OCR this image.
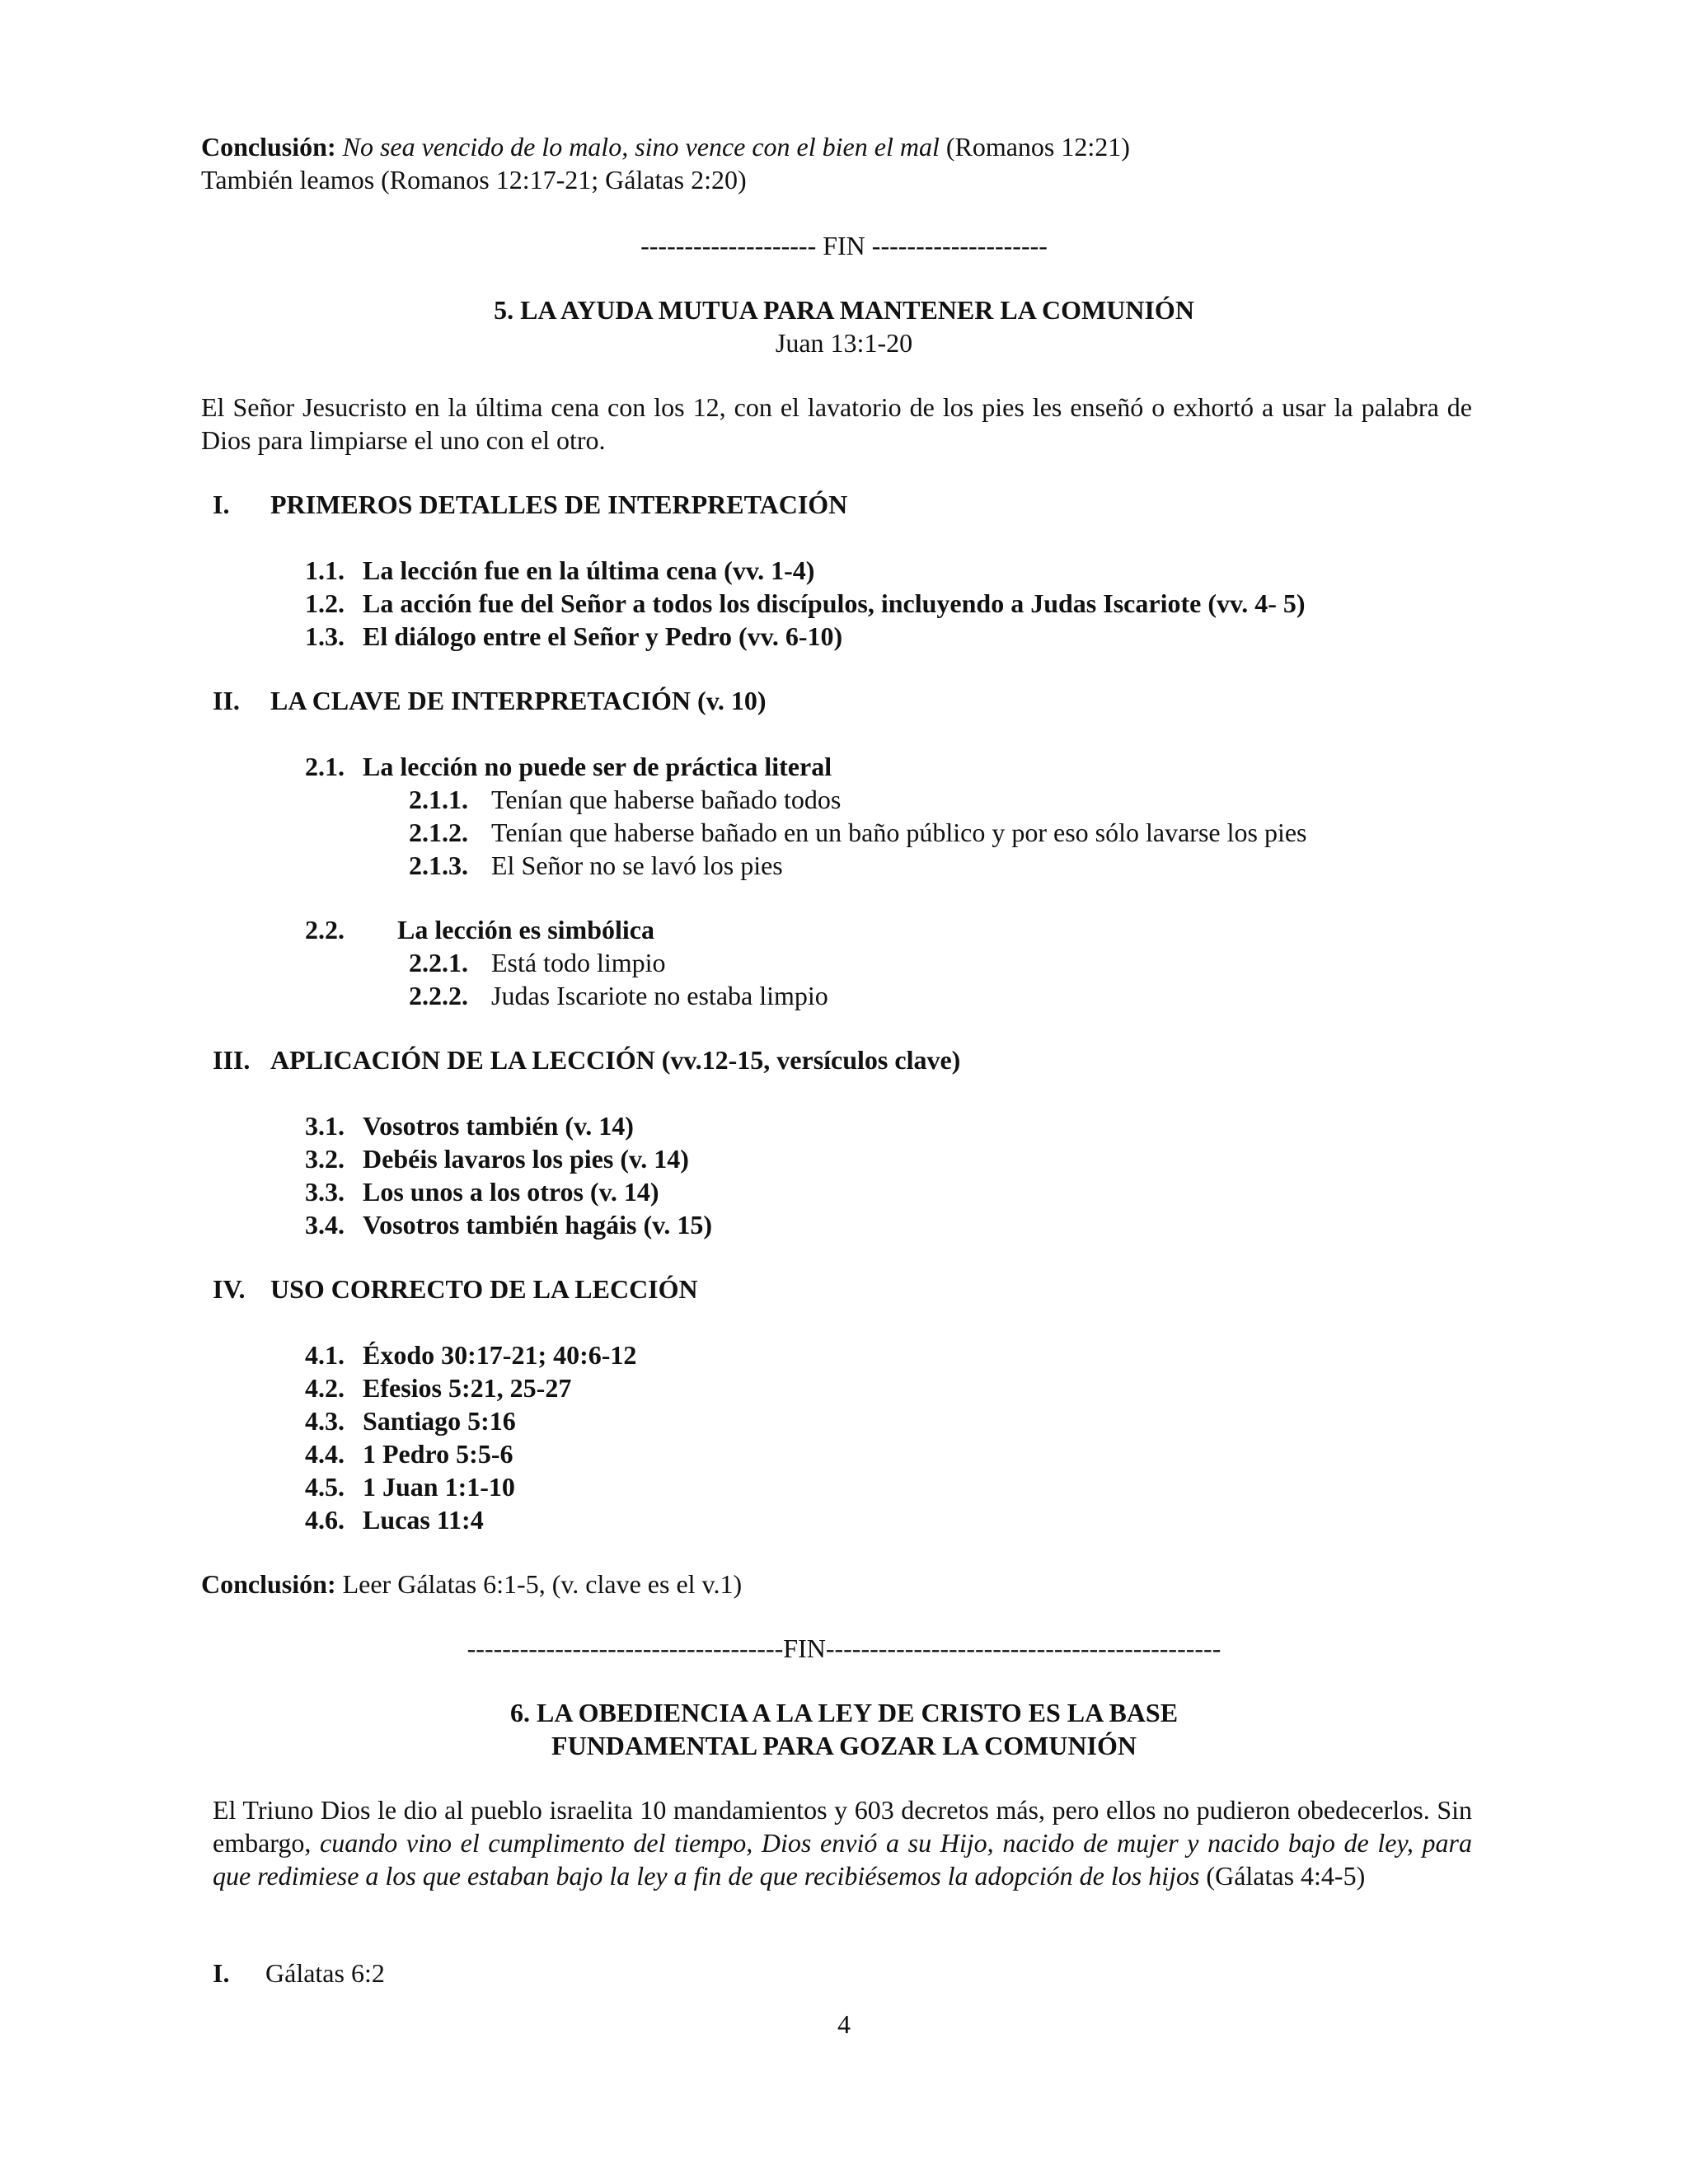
Conclusión: No sea vencido de lo malo, sino vence con el bien el mal (Romanos 12:21)
También leamos (Romanos 12:17-21; Gálatas 2:20)
-------------------- FIN --------------------
5. LA AYUDA MUTUA PARA MANTENER LA COMUNIÓN
Juan 13:1-20
El Señor Jesucristo en la última cena con los 12, con el lavatorio de los pies les enseñó o exhortó a usar la palabra de Dios para limpiarse el uno con el otro.
I. PRIMEROS DETALLES DE INTERPRETACIÓN
1.1. La lección fue en la última cena (vv. 1-4)
1.2. La acción fue del Señor a todos los discípulos, incluyendo a Judas Iscariote (vv. 4- 5)
1.3. El diálogo entre el Señor y Pedro (vv. 6-10)
II. LA CLAVE DE INTERPRETACIÓN (v. 10)
2.1. La lección no puede ser de práctica literal
2.1.1. Tenían que haberse bañado todos
2.1.2. Tenían que haberse bañado en un baño público y por eso sólo lavarse los pies
2.1.3. El Señor no se lavó los pies
2.2. La lección es simbólica
2.2.1. Está todo limpio
2.2.2. Judas Iscariote no estaba limpio
III. APLICACIÓN DE LA LECCIÓN (vv.12-15, versículos clave)
3.1. Vosotros también (v. 14)
3.2. Debéis lavaros los pies (v. 14)
3.3. Los unos a los otros (v. 14)
3.4. Vosotros también hagáis (v. 15)
IV. USO CORRECTO DE LA LECCIÓN
4.1. Éxodo 30:17-21; 40:6-12
4.2. Efesios 5:21, 25-27
4.3. Santiago 5:16
4.4. 1 Pedro 5:5-6
4.5. 1 Juan 1:1-10
4.6. Lucas 11:4
Conclusión: Leer Gálatas 6:1-5, (v. clave es el v.1)
------------------------------------FIN---------------------------------------------
6. LA OBEDIENCIA A LA LEY DE CRISTO ES LA BASE
FUNDAMENTAL PARA GOZAR LA COMUNIÓN
El Triuno Dios le dio al pueblo israelita 10 mandamientos y 603 decretos más, pero ellos no pudieron obedecerlos. Sin embargo, cuando vino el cumplimento del tiempo, Dios envió a su Hijo, nacido de mujer y nacido bajo de ley, para que redimiese a los que estaban bajo la ley a fin de que recibiésemos la adopción de los hijos (Gálatas 4:4-5)
I. Gálatas 6:2
4
